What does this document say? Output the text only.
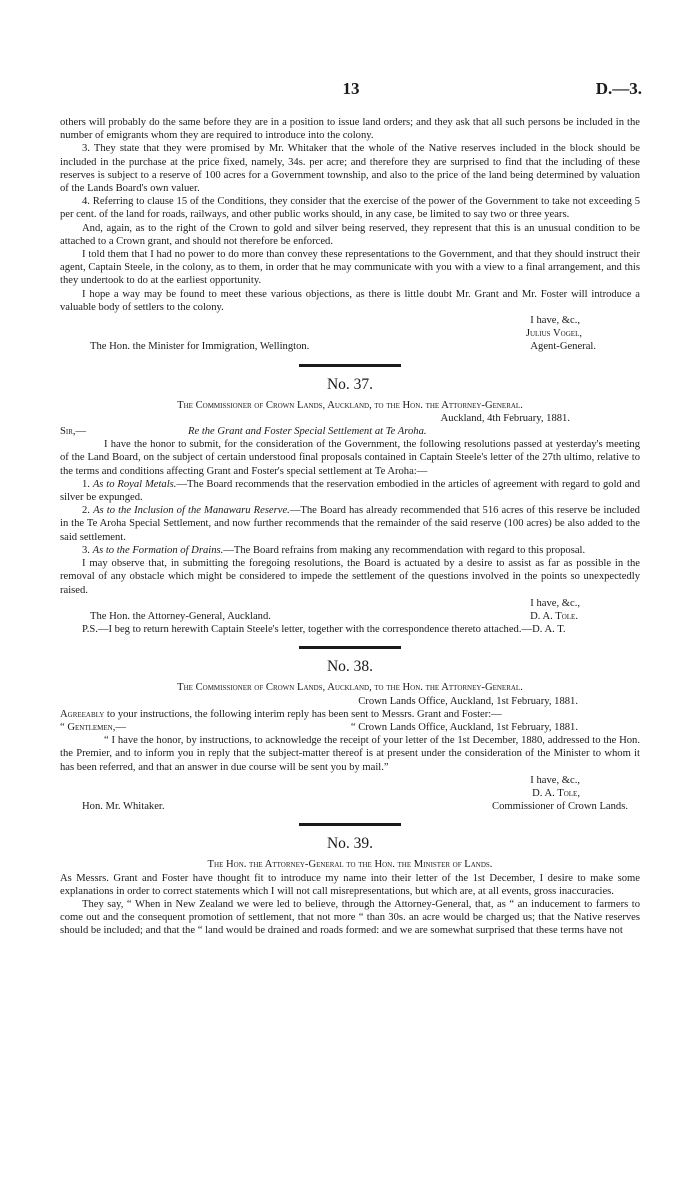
13	D.—3.

others will probably do the same before they are in a position to issue land orders; and they ask that all such persons be included in the number of emigrants whom they are required to introduce into the colony.

3. They state that they were promised by Mr. Whitaker that the whole of the Native reserves included in the block should be included in the purchase at the price fixed, namely, 34s. per acre; and therefore they are surprised to find that the including of these reserves is subject to a reserve of 100 acres for a Government township, and also to the price of the land being determined by valuation of the Lands Board's own valuer.

4. Referring to clause 15 of the Conditions, they consider that the exercise of the power of the Government to take not exceeding 5 per cent. of the land for roads, railways, and other public works should, in any case, be limited to say two or three years.

And, again, as to the right of the Crown to gold and silver being reserved, they represent that this is an unusual condition to be attached to a Crown grant, and should not therefore be enforced.

I told them that I had no power to do more than convey these representations to the Government, and that they should instruct their agent, Captain Steele, in the colony, as to them, in order that he may communicate with you with a view to a final arrangement, and this they undertook to do at the earliest opportunity.

I hope a way may be found to meet these various objections, as there is little doubt Mr. Grant and Mr. Foster will introduce a valuable body of settlers to the colony.

I have, &c.,

Julius Vogel,

The Hon. the Minister for Immigration, Wellington.	Agent-General.
No. 37.

The Commissioner of Crown Lands, Auckland, to the Hon. the Attorney-General.

Auckland, 4th February, 1881.

Sir,—	Re the Grant and Foster Special Settlement at Te Aroha.

I have the honor to submit, for the consideration of the Government, the following resolutions passed at yesterday's meeting of the Land Board, on the subject of certain understood final proposals contained in Captain Steele's letter of the 27th ultimo, relative to the terms and conditions affecting Grant and Foster's special settlement at Te Aroha:—

1. As to Royal Metals.—The Board recommends that the reservation embodied in the articles of agreement with regard to gold and silver be expunged.

2. As to the Inclusion of the Manawaru Reserve.—The Board has already recommended that 516 acres of this reserve be included in the Te Aroha Special Settlement, and now further recommends that the remainder of the said reserve (100 acres) be also added to the said settlement.

3. As to the Formation of Drains.—The Board refrains from making any recommendation with regard to this proposal.

I may observe that, in submitting the foregoing resolutions, the Board is actuated by a desire to assist as far as possible in the removal of any obstacle which might be considered to impede the settlement of the questions involved in the points so unexpectedly raised.

I have, &c.,

The Hon. the Attorney-General, Auckland.	D. A. Tole.

P.S.—I beg to return herewith Captain Steele's letter, together with the correspondence thereto attached.—D. A. T.

No. 38.

The Commissioner of Crown Lands, Auckland, to the Hon. the Attorney-General.

Crown Lands Office, Auckland, 1st February, 1881.

Agreeably to your instructions, the following interim reply has been sent to Messrs. Grant and Foster:—

“ Gentlemen,—	“ Crown Lands Office, Auckland, 1st February, 1881.

“ I have the honor, by instructions, to acknowledge the receipt of your letter of the 1st December, 1880, addressed to the Hon. the Premier, and to inform you in reply that the subject-matter thereof is at present under the consideration of the Minister to whom it has been referred, and that an answer in due course will be sent you by mail.”

I have, &c.,

D. A. Tole,

Hon. Mr. Whitaker.	Commissioner of Crown Lands.
No. 39.

The Hon. the Attorney-General to the Hon. the Minister of Lands.

As Messrs. Grant and Foster have thought fit to introduce my name into their letter of the 1st December, I desire to make some explanations in order to correct statements which I will not call misrepresentations, but which are, at all events, gross inaccuracies.

They say, “ When in New Zealand we were led to believe, through the Attorney-General, that, as “ an inducement to farmers to come out and the consequent promotion of settlement, that not more “ than 30s. an acre would be charged us; that the Native reserves should be included; and that the “ land would be drained and roads formed: and we are somewhat surprised that these terms have not
